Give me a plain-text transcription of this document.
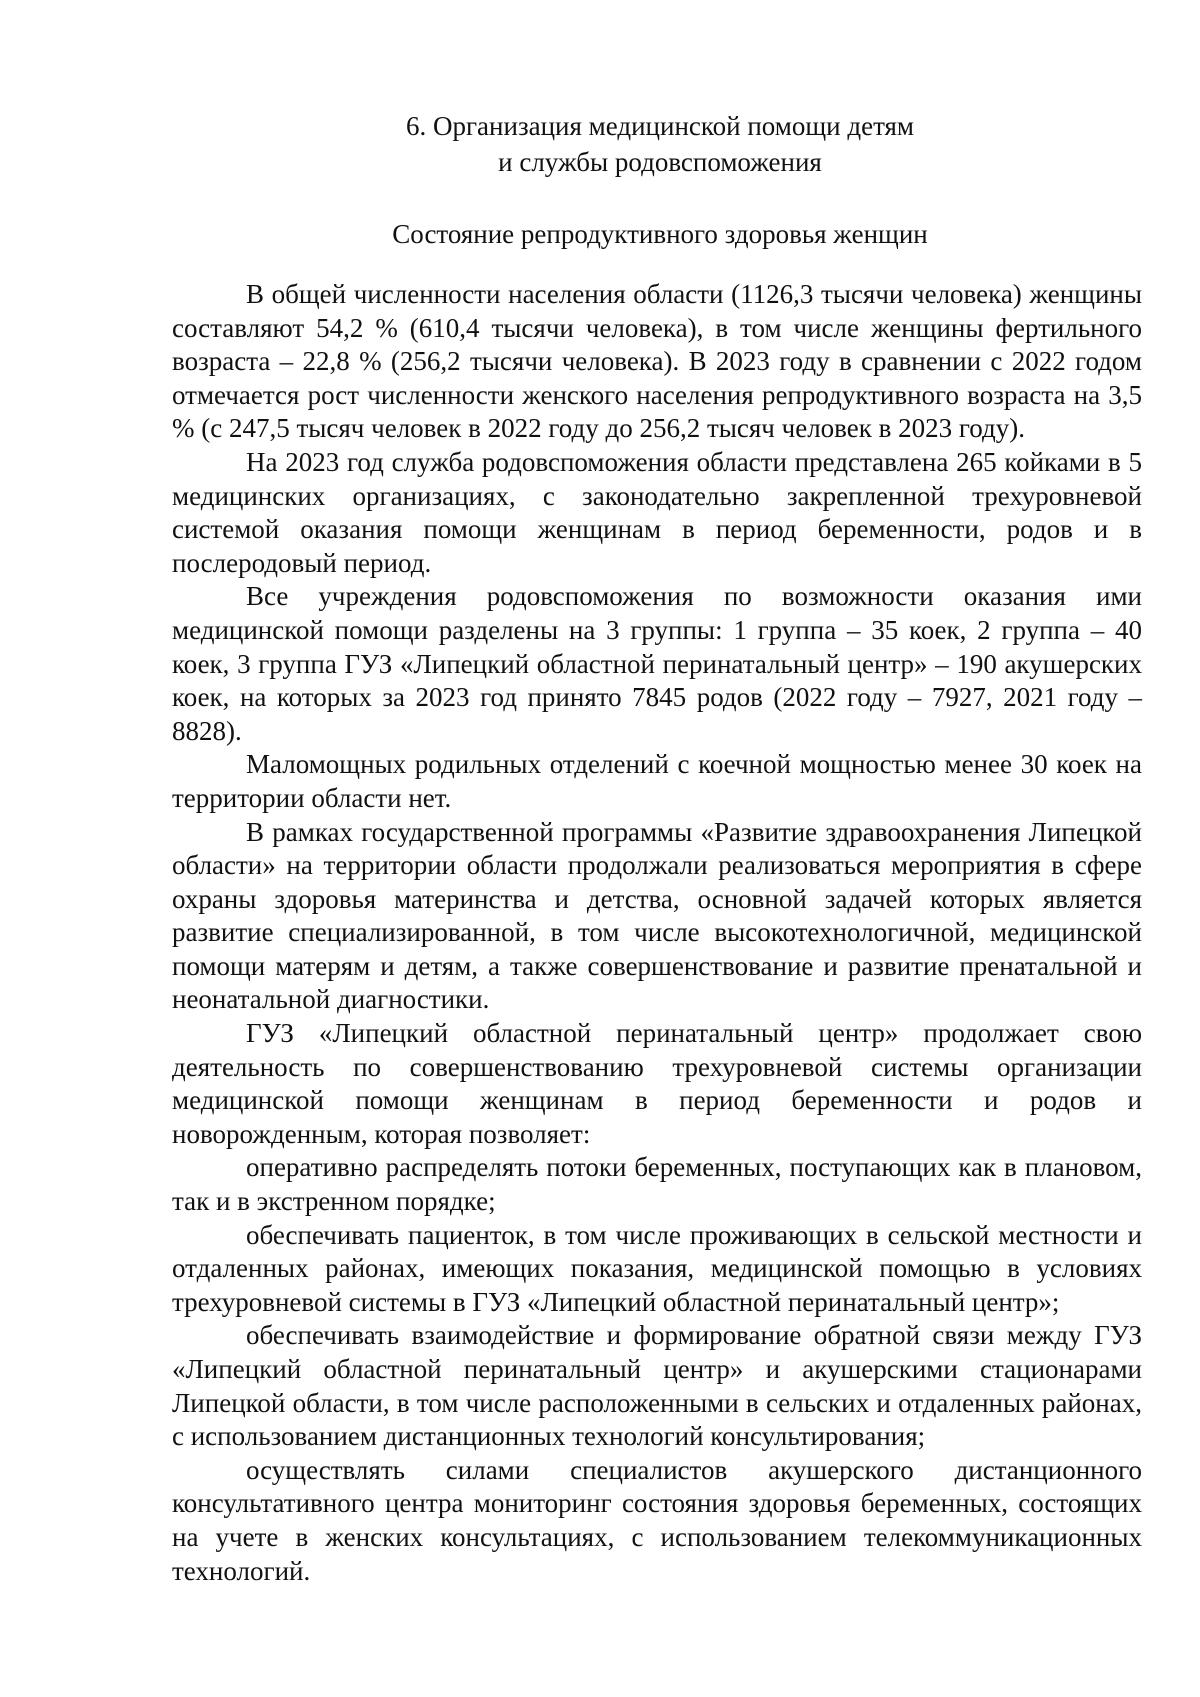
6. Организация медицинской помощи детям
и службы родовспоможения
Состояние репродуктивного здоровья женщин

В общей численности населения области (1126,3 тысячи человека) женщины составляют 54,2 % (610,4 тысячи человека), в том числе женщины фертильного возраста – 22,8 % (256,2 тысячи человека). В 2023 году в сравнении с 2022 годом отмечается рост численности женского населения репродуктивного возраста на 3,5 % (с 247,5 тысяч человек в 2022 году до 256,2 тысяч человек в 2023 году).

На 2023 год служба родовспоможения области представлена 265 койками в 5 медицинских организациях, с законодательно закрепленной трехуровневой системой оказания помощи женщинам в период беременности, родов и в послеродовый период.

Все учреждения родовспоможения по возможности оказания ими медицинской помощи разделены на 3 группы: 1 группа – 35 коек, 2 группа – 40 коек, 3 группа ГУЗ «Липецкий областной перинатальный центр» – 190 акушерских коек, на которых за 2023 год принято 7845 родов (2022 году – 7927, 2021 году – 8828).

Маломощных родильных отделений с коечной мощностью менее 30 коек на территории области нет.

В рамках государственной программы «Развитие здравоохранения Липецкой области» на территории области продолжали реализоваться мероприятия в сфере охраны здоровья материнства и детства, основной задачей которых является развитие специализированной, в том числе высокотехнологичной, медицинской помощи матерям и детям, а также совершенствование и развитие пренатальной и неонатальной диагностики.

ГУЗ «Липецкий областной перинатальный центр» продолжает свою деятельность по совершенствованию трехуровневой системы организации медицинской помощи женщинам в период беременности и родов и новорожденным, которая позволяет:

оперативно распределять потоки беременных, поступающих как в плановом, так и в экстренном порядке;

обеспечивать пациенток, в том числе проживающих в сельской местности и отдаленных районах, имеющих показания, медицинской помощью в условиях трехуровневой системы в ГУЗ «Липецкий областной перинатальный центр»;

обеспечивать взаимодействие и формирование обратной связи между ГУЗ «Липецкий областной перинатальный центр» и акушерскими стационарами Липецкой области, в том числе расположенными в сельских и отдаленных районах, с использованием дистанционных технологий консультирования;

осуществлять силами специалистов акушерского дистанционного консультативного центра мониторинг состояния здоровья беременных, состоящих на учете в женских консультациях, с использованием телекоммуникационных технологий.
